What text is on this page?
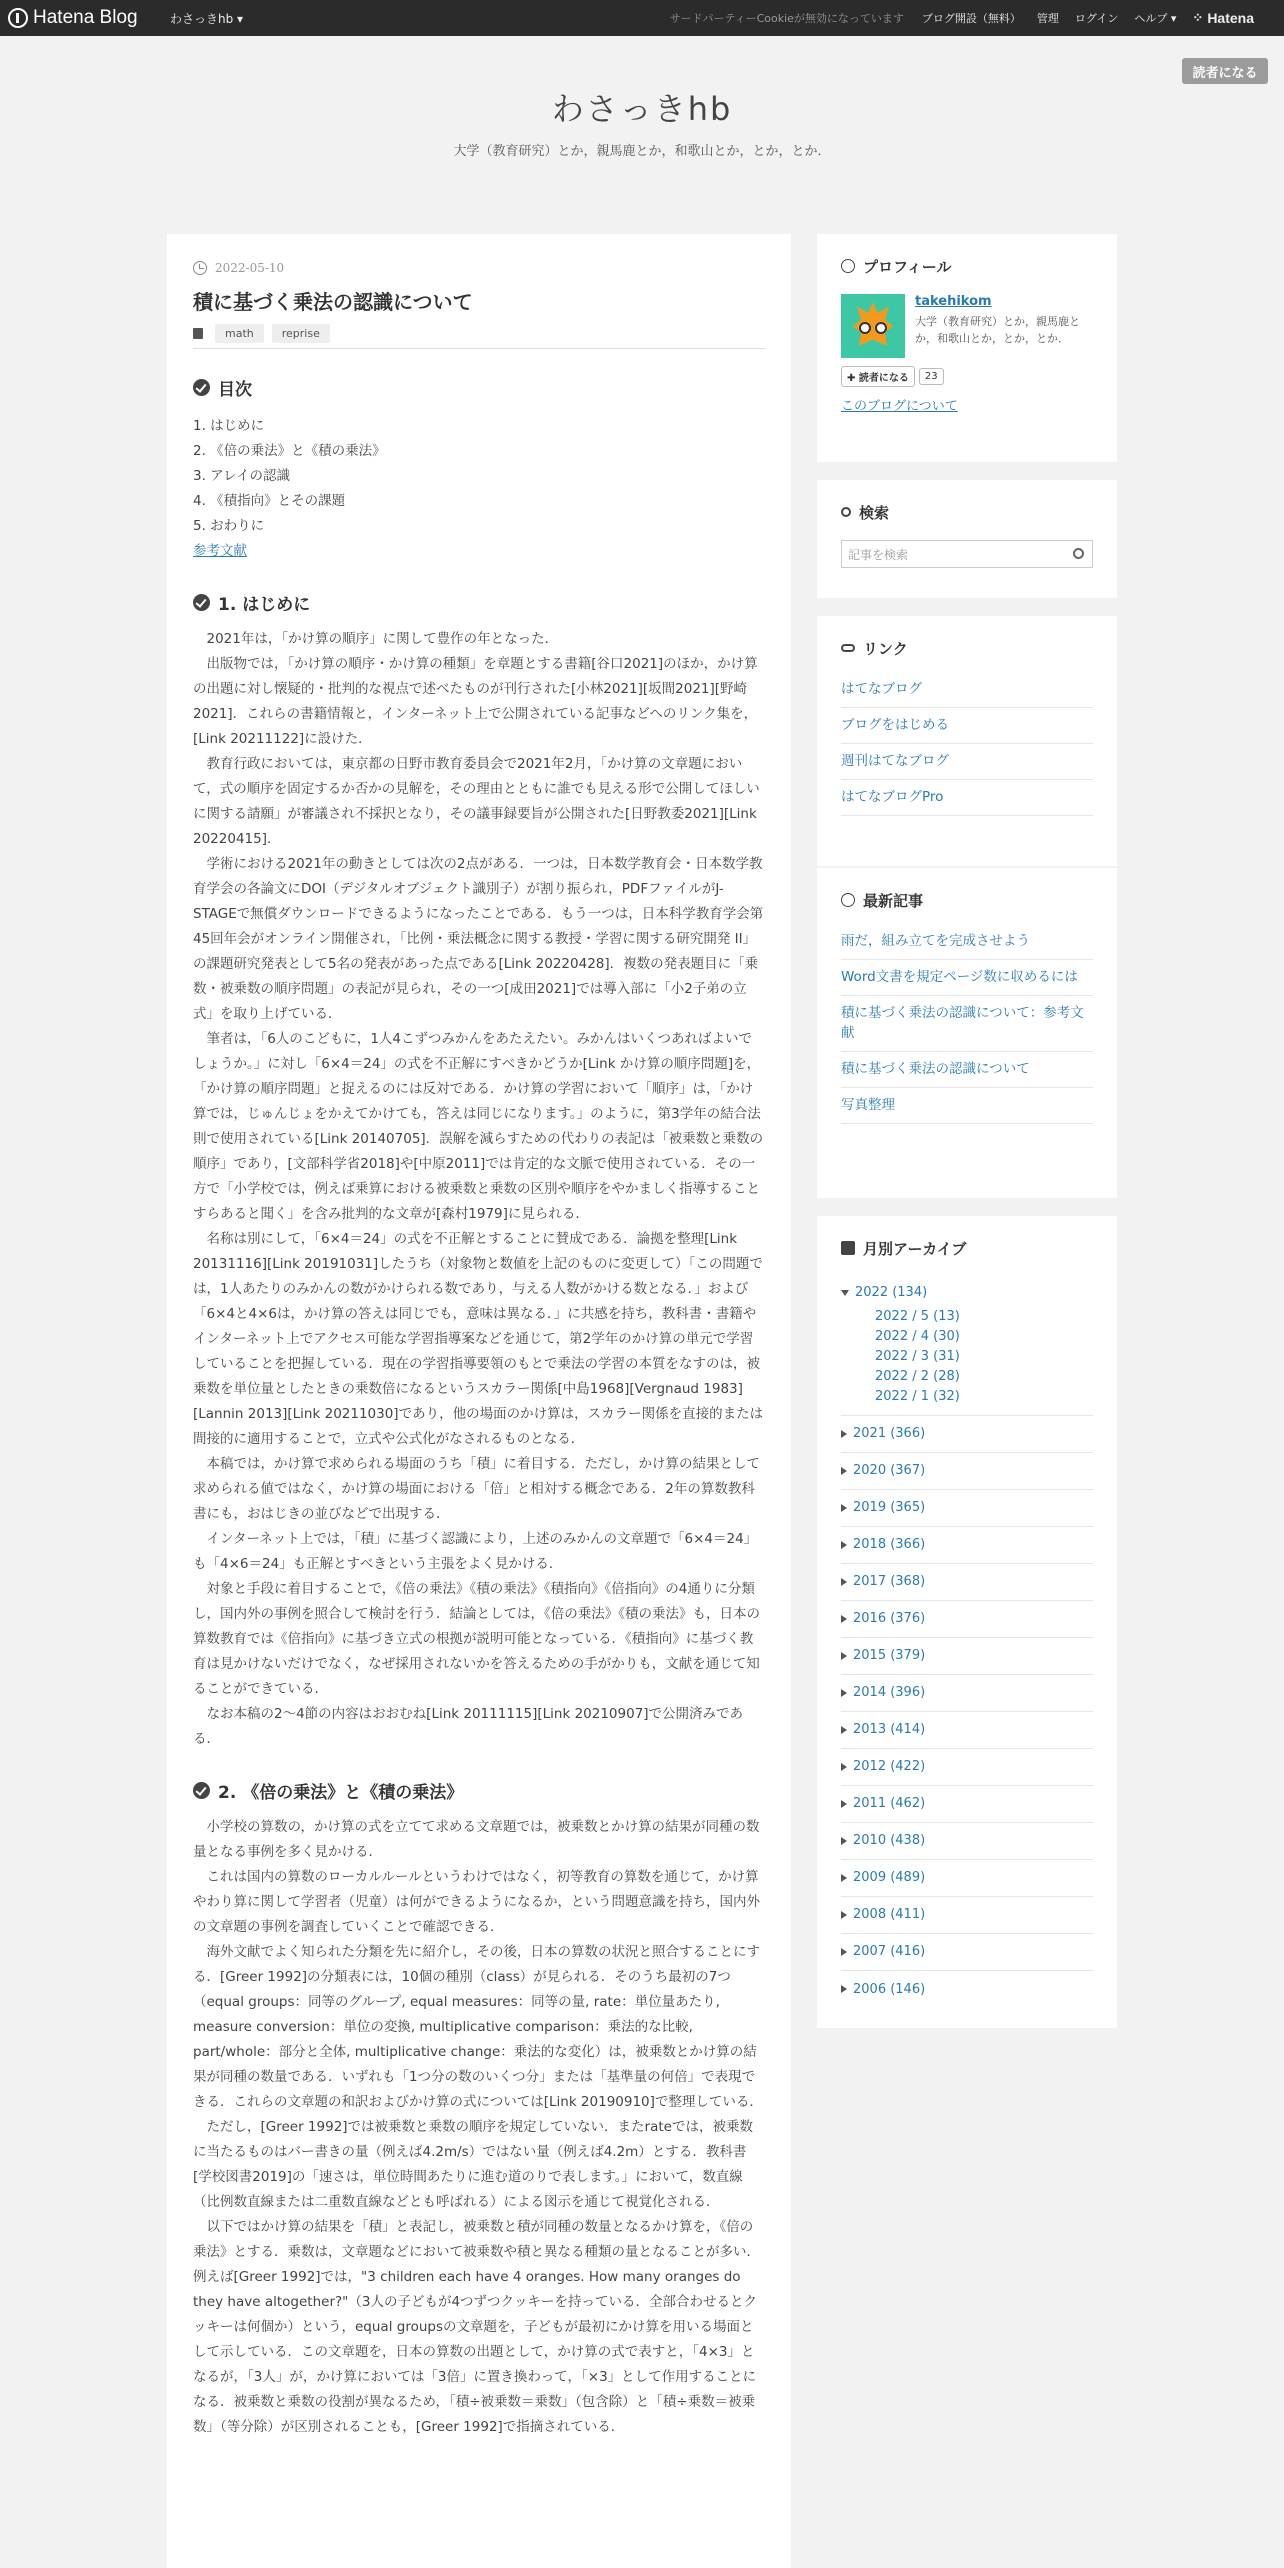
Hatena Blog	わさっきhb ▾	サードパーティーCookieが無効になっています ブログ開設（無料） 管理 ログイン ヘルプ ▾ ⁘ Hatena
読者になる
わさっきhb
大学（教育研究）とか，親馬鹿とか，和歌山とか，とか，とか．
2022-05-10
積に基づく乗法の認識について
math	reprise
目次
1. はじめに
2. 《倍の乗法》と《積の乗法》
3. アレイの認識
4. 《積指向》とその課題
5. おわりに
参考文献
1. はじめに

2021年は，「かけ算の順序」に関して豊作の年となった．

出版物では，「かけ算の順序・かけ算の種類」を章題とする書籍[谷口2021]のほか，かけ算の出題に対し懐疑的・批判的な視点で述べたものが刊行された[小林2021][坂間2021][野崎2021]．これらの書籍情報と，インターネット上で公開されている記事などへのリンク集を，[Link 20211122]に設けた．

教育行政においては，東京都の日野市教育委員会で2021年2月，「かけ算の文章題において，式の順序を固定するか否かの見解を，その理由とともに誰でも見える形で公開してほしいに関する請願」が審議され不採択となり，その議事録要旨が公開された[日野教委2021][Link 20220415]．

学術における2021年の動きとしては次の2点がある．一つは，日本数学教育会・日本数学教育学会の各論文にDOI（デジタルオブジェクト識別子）が割り振られ，PDFファイルがJ-STAGEで無償ダウンロードできるようになったことである．もう一つは，日本科学教育学会第45回年会がオンライン開催され，「比例・乗法概念に関する教授・学習に関する研究開発 II」の課題研究発表として5名の発表があった点である[Link 20220428]．複数の発表題目に「乗数・被乗数の順序問題」の表記が見られ，その一つ[成田2021]では導入部に「小2子弟の立式」を取り上げている．

筆者は，「6人のこどもに，1人4こずつみかんをあたえたい。みかんはいくつあればよいでしょうか。」に対し「6×4＝24」の式を不正解にすべきかどうか[Link かけ算の順序問題]を，「かけ算の順序問題」と捉えるのには反対である．かけ算の学習において「順序」は，「かけ算では，じゅんじょをかえてかけても，答えは同じになります。」のように，第3学年の結合法則で使用されている[Link 20140705]．誤解を減らすための代わりの表記は「被乗数と乗数の順序」であり，[文部科学省2018]や[中原2011]では肯定的な文脈で使用されている．その一方で「小学校では，例えば乗算における被乗数と乗数の区別や順序をやかましく指導することすらあると聞く」を含み批判的な文章が[森村1979]に見られる．

名称は別にして，「6×4＝24」の式を不正解とすることに賛成である．論拠を整理[Link 20131116][Link 20191031]したうち（対象物と数値を上記のものに変更して）「この問題では，1人あたりのみかんの数がかけられる数であり，与える人数がかける数となる．」および「6×4と4×6は，かけ算の答えは同じでも，意味は異なる．」に共感を持ち，教科書・書籍やインターネット上でアクセス可能な学習指導案などを通じて，第2学年のかけ算の単元で学習していることを把握している．現在の学習指導要領のもとで乗法の学習の本質をなすのは，被乗数を単位量としたときの乗数倍になるというスカラー関係[中島1968][Vergnaud 1983][Lannin 2013][Link 20211030]であり，他の場面のかけ算は，スカラー関係を直接的または間接的に適用することで，立式や公式化がなされるものとなる．

本稿では，かけ算で求められる場面のうち「積」に着目する．ただし，かけ算の結果として求められる値ではなく，かけ算の場面における「倍」と相対する概念である．2年の算数教科書にも，おはじきの並びなどで出現する．

インターネット上では，「積」に基づく認識により，上述のみかんの文章題で「6×4＝24」も「4×6＝24」も正解とすべきという主張をよく見かける．

対象と手段に着目することで，《倍の乗法》《積の乗法》《積指向》《倍指向》の4通りに分類し，国内外の事例を照合して検討を行う．結論としては，《倍の乗法》《積の乗法》も，日本の算数教育では《倍指向》に基づき立式の根拠が説明可能となっている．《積指向》に基づく教育は見かけないだけでなく，なぜ採用されないかを答えるための手がかりも，文献を通じて知ることができている．

なお本稿の2～4節の内容はおおむね[Link 20111115][Link 20210907]で公開済みである．

2. 《倍の乗法》と《積の乗法》

小学校の算数の，かけ算の式を立てて求める文章題では，被乗数とかけ算の結果が同種の数量となる事例を多く見かける．

これは国内の算数のローカルルールというわけではなく，初等教育の算数を通じて，かけ算やわり算に関して学習者（児童）は何ができるようになるか，という問題意識を持ち，国内外の文章題の事例を調査していくことで確認できる．

海外文献でよく知られた分類を先に紹介し，その後，日本の算数の状況と照合することにする．[Greer 1992]の分類表には，10個の種別（class）が見られる．そのうち最初の7つ（equal groups：同等のグループ, equal measures：同等の量, rate：単位量あたり, measure conversion：単位の変換, multiplicative comparison：乗法的な比較, part/whole：部分と全体, multiplicative change：乗法的な変化）は，被乗数とかけ算の結果が同種の数量である．いずれも「1つ分の数のいくつ分」または「基準量の何倍」で表現できる．これらの文章題の和訳およびかけ算の式については[Link 20190910]で整理している．

ただし，[Greer 1992]では被乗数と乗数の順序を規定していない．またrateでは，被乗数に当たるものはバー書きの量（例えば4.2m/s）ではない量（例えば4.2m）とする．教科書[学校図書2019]の「速さは，単位時間あたりに進む道のりで表します。」において，数直線（比例数直線または二重数直線などとも呼ばれる）による図示を通じて視覚化される．

以下ではかけ算の結果を「積」と表記し，被乗数と積が同種の数量となるかけ算を，《倍の乗法》とする．乗数は，文章題などにおいて被乗数や積と異なる種類の量となることが多い．例えば[Greer 1992]では，"3 children each have 4 oranges. How many oranges do they have altogether?"（3人の子どもが4つずつクッキーを持っている．全部合わせるとクッキーは何個か）という，equal groupsの文章題を，子どもが最初にかけ算を用いる場面として示している．この文章題を，日本の算数の出題として，かけ算の式で表すと，「4×3」となるが，「3人」が，かけ算においては「3倍」に置き換わって，「×3」として作用することになる．被乗数と乗数の役割が異なるため，「積÷被乗数＝乗数」（包含除）と「積÷乗数＝被乗数」（等分除）が区別されることも，[Greer 1992]で指摘されている．

プロフィール
takehikom
大学（教育研究）とか，親馬鹿とか，和歌山とか，とか，とか．
✚ 読者になる	23
このブログについて
検索
記事を検索
リンク
はてなブログ
ブログをはじめる
週刊はてなブログ
はてなブログPro
最新記事
雨だ，組み立てを完成させよう
Word文書を規定ページ数に収めるには
積に基づく乗法の認識について：参考文献
積に基づく乗法の認識について
写真整理
月別アーカイブ
2022 (134)
2022 / 5 (13)
2022 / 4 (30)
2022 / 3 (31)
2022 / 2 (28)
2022 / 1 (32)
2021 (366)
2020 (367)
2019 (365)
2018 (366)
2017 (368)
2016 (376)
2015 (379)
2014 (396)
2013 (414)
2012 (422)
2011 (462)
2010 (438)
2009 (489)
2008 (411)
2007 (416)
2006 (146)
